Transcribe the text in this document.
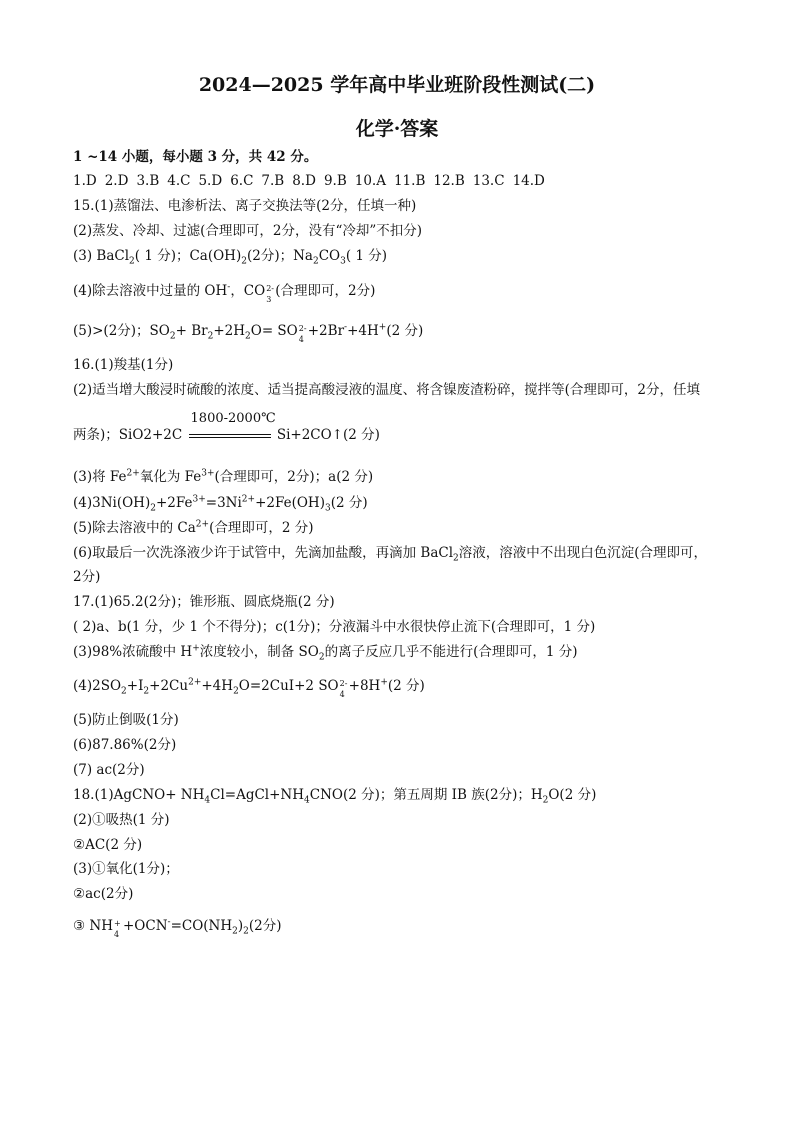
2024—2025 学年高中毕业班阶段性测试(二)
化学·答案
1 ~14 小题，每小题 3 分，共 42 分。
1.D 2.D 3.B 4.C 5.D 6.C 7.B 8.D 9.B 10.A 11.B 12.B 13.C 14.D
15.(1)蒸馏法、电渗析法、离子交换法等(2分，任填一种)
(2)蒸发、冷却、过滤(合理即可，2分，没有“冷却”不扣分)
(3) BaCl$_2$( 1 分)；$Ca(OH)_2(2$分)；$Na_2CO_3$( 1 分)
(4)除去溶液中过量的 OH-，CO 2-
3 (合理即可，2分)
(5)>(2分)；$SO_2+ Br_2+2H_2O=$ SO 2-
4 +2Br-+4H+(2 分)
16.(1)羧基(1分)
(2)适当增大酸浸时硫酸的浓度、适当提高酸浸液的温度、将含镍废渣粉碎，搅拌等(合理即可，2分，任填
两条)；SiO2+2C
1800-2000℃
Si+2CO↑(2 分)
(3)将 $Fe^{2+}$氧化为 $Fe^{3+}$(合理即可，2分)；a(2 分)
$(4)3Ni(OH)_2+2Fe^{3+}=3Ni^{2+}+2Fe(OH)_3(2$ 分)
(5)除去溶液中的 $Ca^{2+}$(合理即可，2 分)
(6)取最后一次洗涤液少许于试管中，先滴加盐酸，再滴加 BaCl$_2$溶液，溶液中不出现白色沉淀(合理即可，
2分)
17.(1)65.2(2分)；锥形瓶、圆底烧瓶(2 分)
( 2)a、b(1 分，少 1 个不得分)；c(1分)；分液漏斗中水很快停止流下(合理即可，1 分)
(3)98%浓硫酸中 H+浓度较小，制备 $SO_2$的离子反应几乎不能进行(合理即可，1 分)
$(4)2SO_2+I_2+2Cu^{2+}+4H_2O=2CuI+2$ SO 2-
4 +8H+(2 分)
(5)防止倒吸(1分)
(6)87.86%(2分)
(7) ac(2分)
18.(1)AgCNO+ $NH_4Cl=AgCl+NH_4CNO(2$ 分)；第五周期 IB 族(2分)；$H_2O(2$ 分)
(2)①吸热(1 分)
②AC(2 分)
(3)①氧化(1分)；
②ac(2分)
③ NH +
$4 +OCN^-=CO(NH_2)_2(2$分)
